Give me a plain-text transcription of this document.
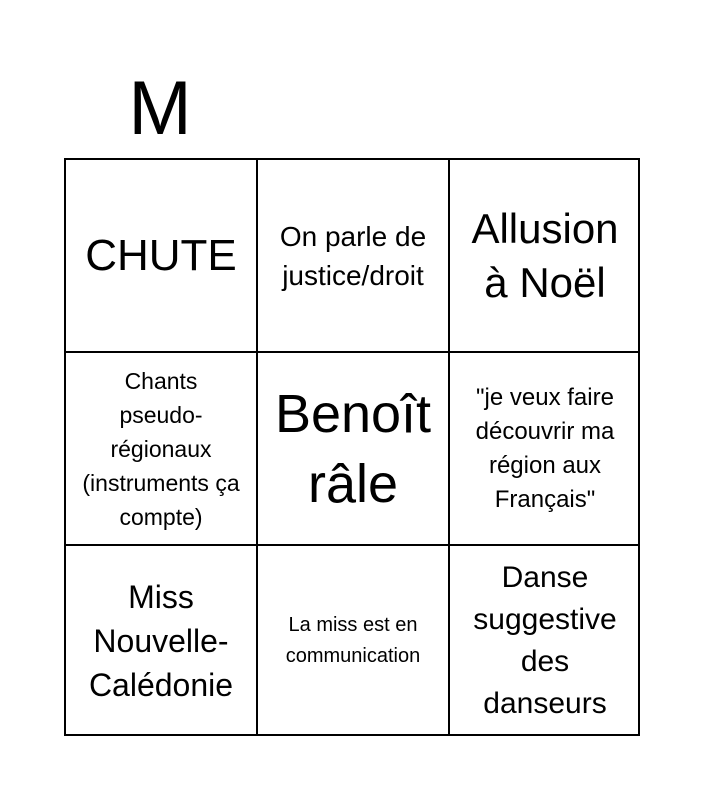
M
CHUTE	On parle de justice/droit
Allusion à Noël
Chants pseudo-régionaux (instruments ça compte)
Benoît râle
"je veux faire découvrir ma région aux Français"
Miss Nouvelle-Calédonie
La miss est en communication
Danse suggestive des danseurs
